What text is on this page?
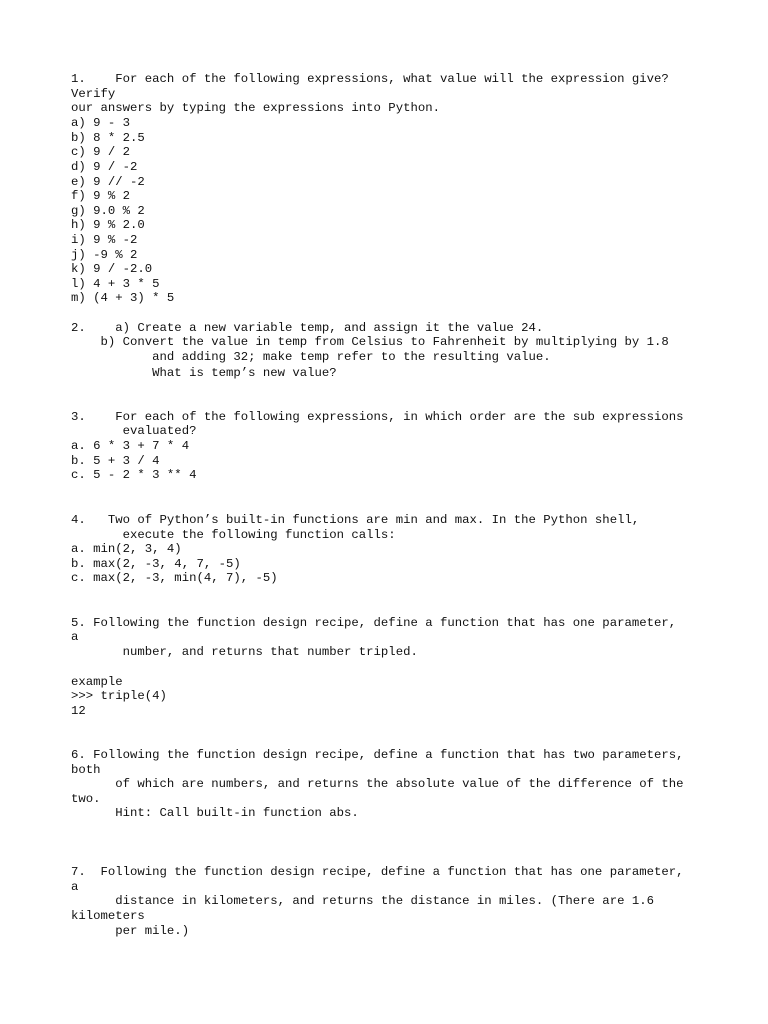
1.    For each of the following expressions, what value will the expression give?

Verify

our answers by typing the expressions into Python.

a) 9 - 3

b) 8 * 2.5

c) 9 / 2

d) 9 / -2

e) 9 // -2

f) 9 % 2

g) 9.0 % 2

h) 9 % 2.0

i) 9 % -2

j) -9 % 2

k) 9 / -2.0

l) 4 + 3 * 5

m) (4 + 3) * 5

2.    a) Create a new variable temp, and assign it the value 24.

b) Convert the value in temp from Celsius to Fahrenheit by multiplying by 1.8

and adding 32; make temp refer to the resulting value.

What is temp’s new value?

3.    For each of the following expressions, in which order are the sub expressions

evaluated?

a. 6 * 3 + 7 * 4

b. 5 + 3 / 4

c. 5 - 2 * 3 ** 4

4.   Two of Python’s built-in functions are min and max. In the Python shell,

execute the following function calls:

a. min(2, 3, 4)

b. max(2, -3, 4, 7, -5)

c. max(2, -3, min(4, 7), -5)

5. Following the function design recipe, define a function that has one parameter,

a

number, and returns that number tripled.

example

>>> triple(4)

12

6. Following the function design recipe, define a function that has two parameters,

both

of which are numbers, and returns the absolute value of the difference of the

two.

Hint: Call built-in function abs.

7.  Following the function design recipe, define a function that has one parameter,

a

distance in kilometers, and returns the distance in miles. (There are 1.6

kilometers

per mile.)
